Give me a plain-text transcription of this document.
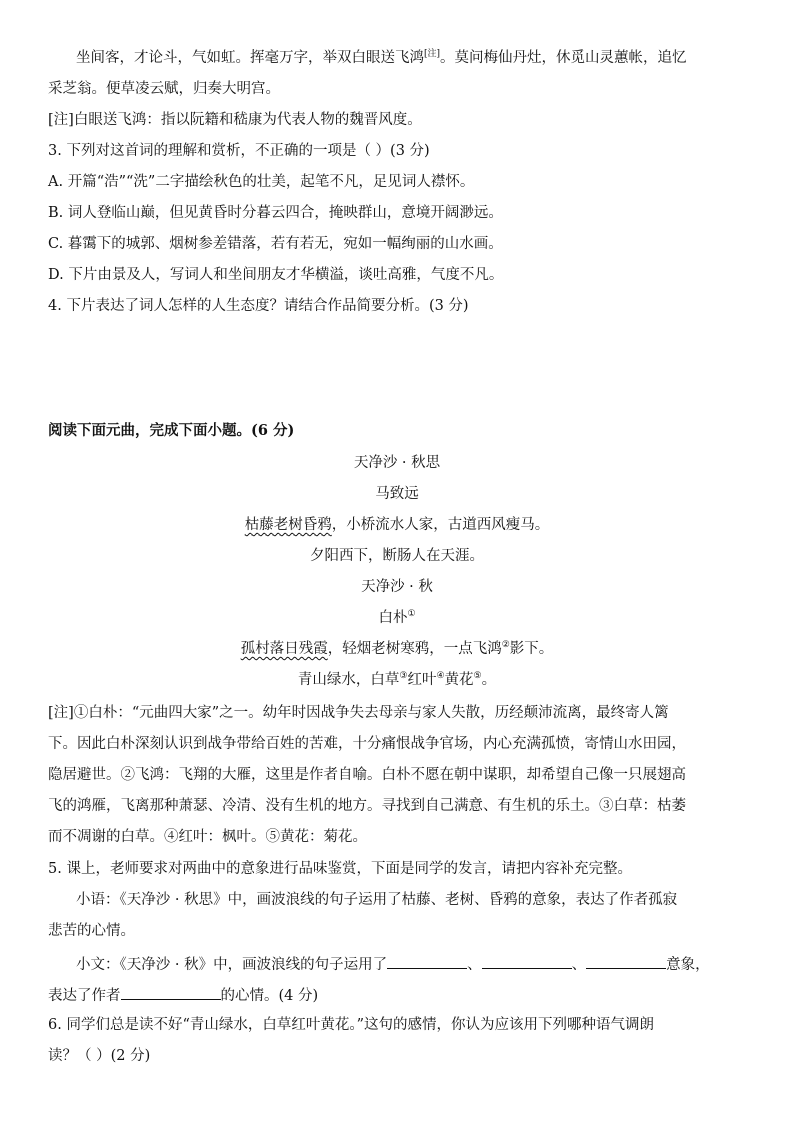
坐间客，才论斗，气如虹。挥毫万字，举双白眼送飞鸿[注]。莫问梅仙丹灶，休觅山灵蕙帐，追忆
采芝翁。便草凌云赋，归奏大明宫。
[注]白眼送飞鸿：指以阮籍和嵇康为代表人物的魏晋风度。
3. 下列对这首词的理解和赏析，不正确的一项是（ ）(3 分)
A. 开篇“浩”“洗”二字描绘秋色的壮美，起笔不凡，足见词人襟怀。
B. 词人登临山巅，但见黄昏时分暮云四合，掩映群山，意境开阔渺远。
C. 暮霭下的城郭、烟树参差错落，若有若无，宛如一幅绚丽的山水画。
D. 下片由景及人，写词人和坐间朋友才华横溢，谈吐高雅，气度不凡。
4. 下片表达了词人怎样的人生态度？请结合作品简要分析。(3 分)
阅读下面元曲，完成下面小题。(6 分)
天净沙 · 秋思
马致远
枯藤老树昏鸦，小桥流水人家，古道西风瘦马。
夕阳西下，断肠人在天涯。
天净沙 · 秋
白朴①
孤村落日残霞，轻烟老树寒鸦，一点飞鸿②影下。
青山绿水，白草③红叶④黄花⑤。
[注]①白朴：“元曲四大家”之一。幼年时因战争失去母亲与家人失散，历经颠沛流离，最终寄人篱
下。因此白朴深刻认识到战争带给百姓的苦难，十分痛恨战争官场，内心充满孤愤，寄情山水田园，
隐居避世。②飞鸿：飞翔的大雁，这里是作者自喻。白朴不愿在朝中谋职，却希望自己像一只展翅高
飞的鸿雁，飞离那种萧瑟、冷清、没有生机的地方。寻找到自己满意、有生机的乐土。③白草：枯萎
而不凋谢的白草。④红叶：枫叶。⑤黄花：菊花。
5. 课上，老师要求对两曲中的意象进行品味鉴赏，下面是同学的发言，请把内容补充完整。
小语：《天净沙 · 秋思》中，画波浪线的句子运用了枯藤、老树、昏鸦的意象，表达了作者孤寂
悲苦的心情。
小文：《天净沙 · 秋》中，画波浪线的句子运用了	、	、	意象，
表达了作者	的心情。(4 分)
6. 同学们总是读不好“青山绿水，白草红叶黄花。”这句的感情，你认为应该用下列哪种语气调朗
读？（ ）(2 分)
